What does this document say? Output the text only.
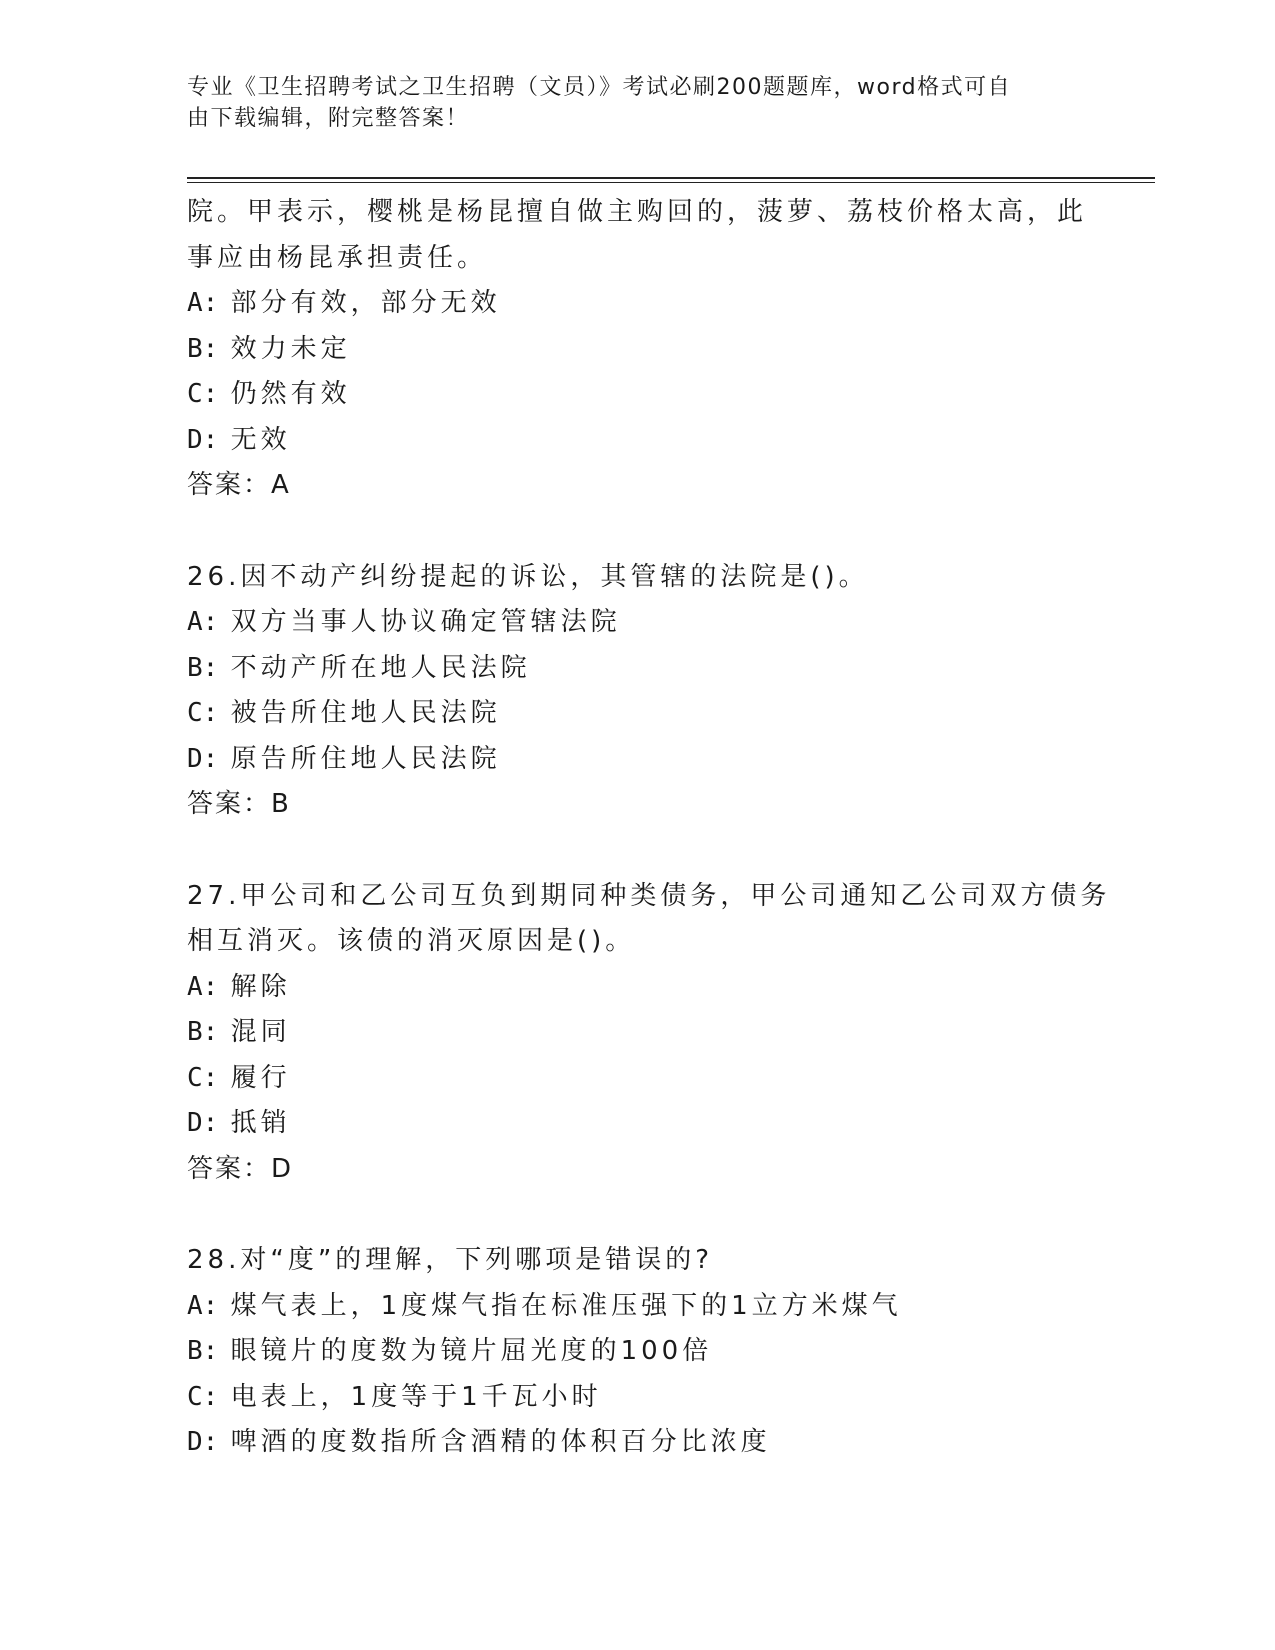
专业《卫生招聘考试之卫生招聘（文员）》考试必刷200题题库，word格式可自
由下载编辑，附完整答案！
院。甲表示，樱桃是杨昆擅自做主购回的，菠萝、荔枝价格太高，此
事应由杨昆承担责任。
A: 部分有效，部分无效
B: 效力未定
C: 仍然有效
D: 无效
答案：A
26.因不动产纠纷提起的诉讼，其管辖的法院是()。
A: 双方当事人协议确定管辖法院
B: 不动产所在地人民法院
C: 被告所住地人民法院
D: 原告所住地人民法院
答案：B
27.甲公司和乙公司互负到期同种类债务，甲公司通知乙公司双方债务
相互消灭。该债的消灭原因是()。
A: 解除
B: 混同
C: 履行
D: 抵销
答案：D
28.对“度”的理解，下列哪项是错误的?
A: 煤气表上，1度煤气指在标准压强下的1立方米煤气
B: 眼镜片的度数为镜片屈光度的100倍
C: 电表上，1度等于1千瓦小时
D: 啤酒的度数指所含酒精的体积百分比浓度
